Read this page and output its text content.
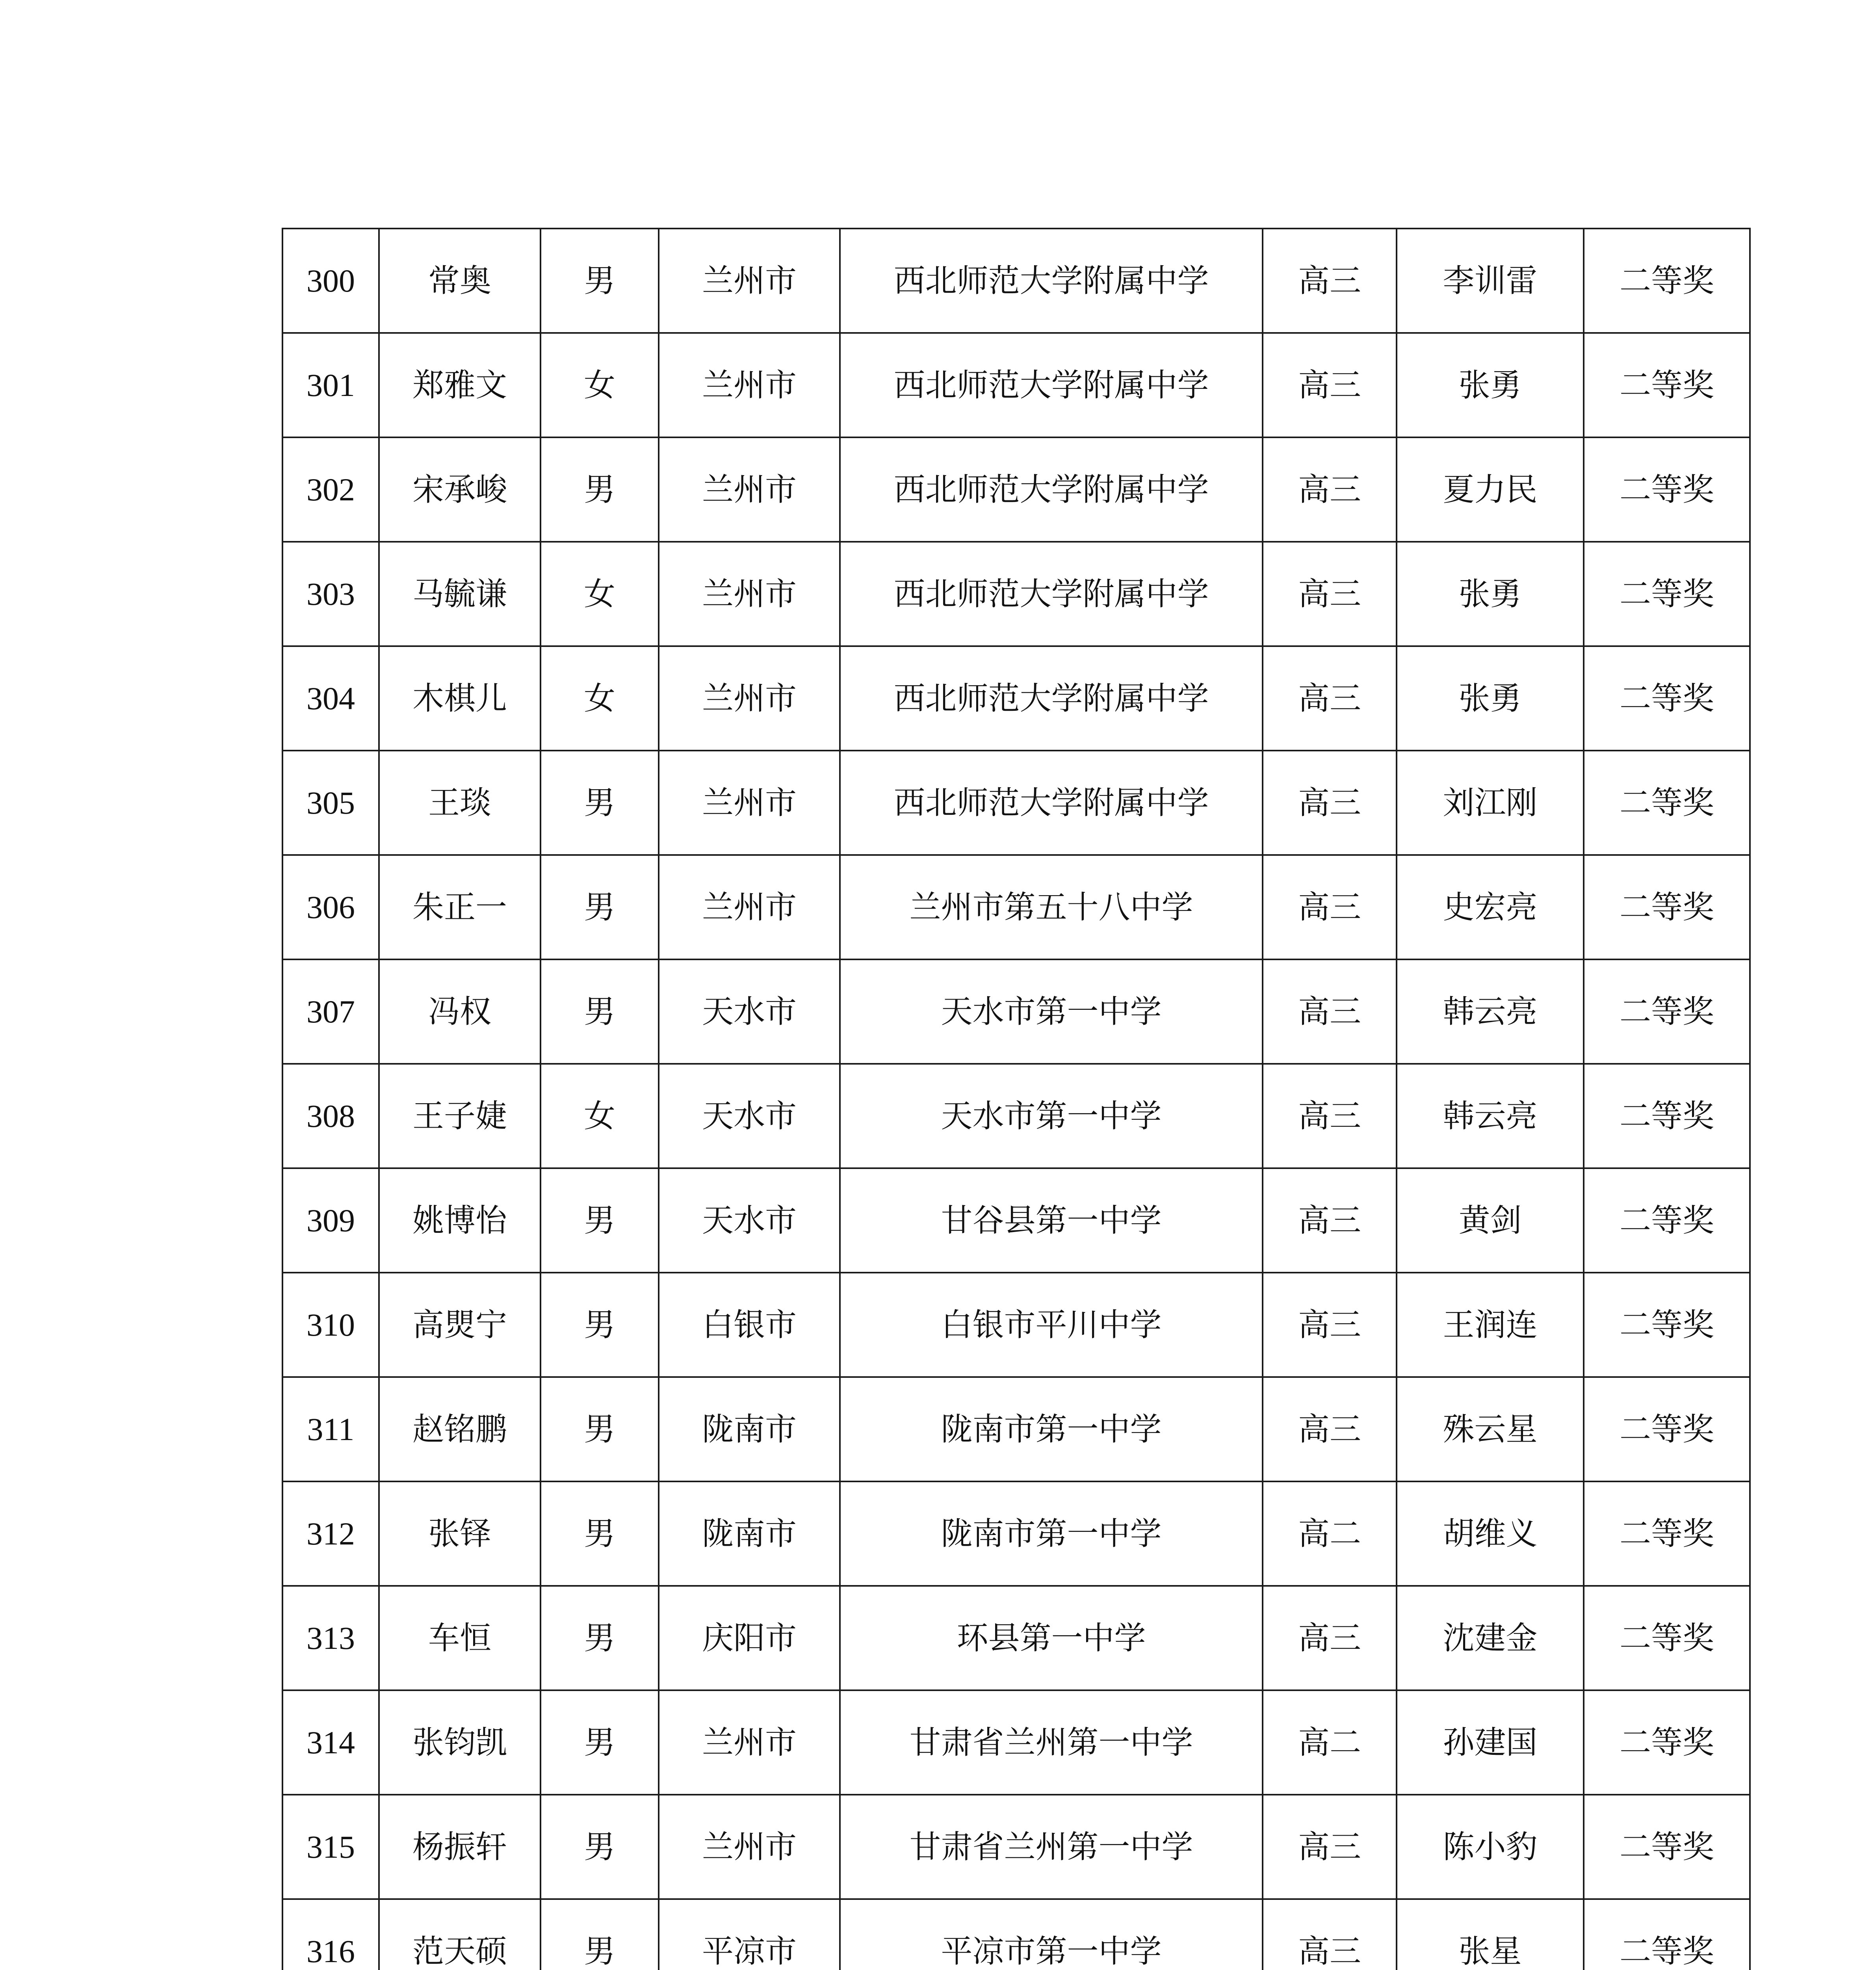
300	常奥	男	兰州市	西北师范大学附属中学	高三	李训雷	二等奖
301	郑雅文	女	兰州市	西北师范大学附属中学	高三	张勇	二等奖
302	宋承峻	男	兰州市	西北师范大学附属中学	高三	夏力民	二等奖
303	马毓谦	女	兰州市	西北师范大学附属中学	高三	张勇	二等奖
304	木棋儿	女	兰州市	西北师范大学附属中学	高三	张勇	二等奖
305	王琰	男	兰州市	西北师范大学附属中学	高三	刘江刚	二等奖
306	朱正一	男	兰州市	兰州市第五十八中学	高三	史宏亮	二等奖
307	冯权	男	天水市	天水市第一中学	高三	韩云亮	二等奖
308	王子婕	女	天水市	天水市第一中学	高三	韩云亮	二等奖
309	姚博怡	男	天水市	甘谷县第一中学	高三	黄剑	二等奖
310	高煛宁	男	白银市	白银市平川中学	高三	王润连	二等奖
311	赵铭鹏	男	陇南市	陇南市第一中学	高三	殊云星	二等奖
312	张铎	男	陇南市	陇南市第一中学	高二	胡维义	二等奖
313	车恒	男	庆阳市	环县第一中学	高三	沈建金	二等奖
314	张钧凯	男	兰州市	甘肃省兰州第一中学	高二	孙建国	二等奖
315	杨振轩	男	兰州市	甘肃省兰州第一中学	高三	陈小豹	二等奖
316	范天硕	男	平凉市	平凉市第一中学	高三	张星	二等奖
